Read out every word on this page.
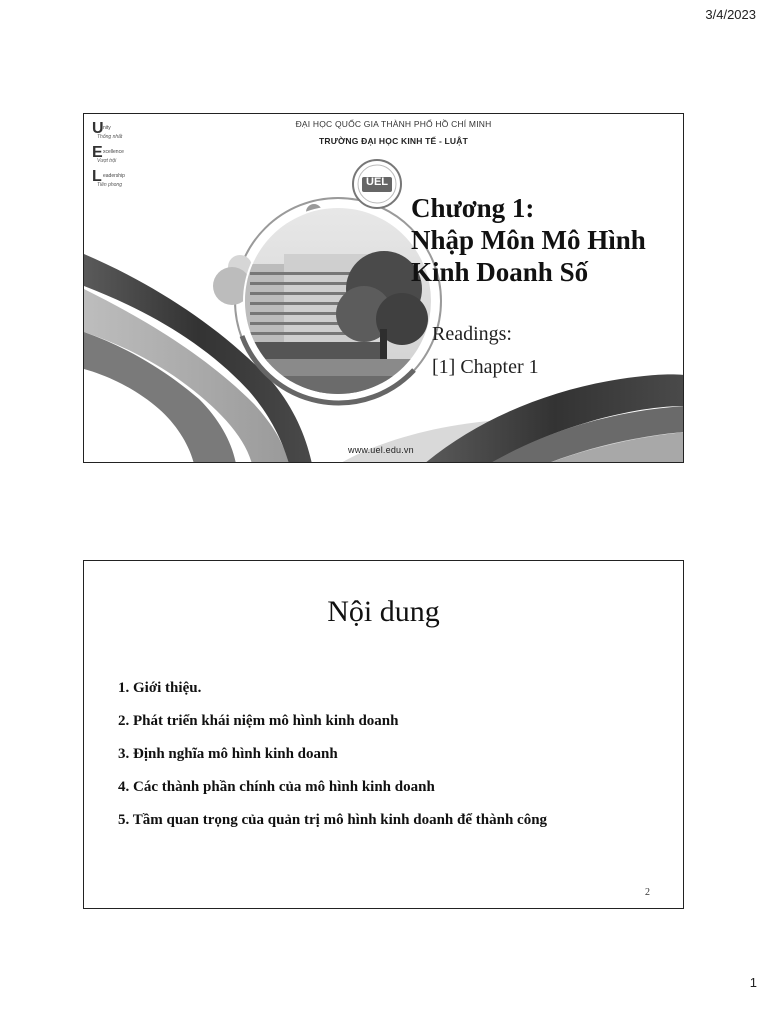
3/4/2023
UEL
U nity
Thống nhất
E xcellence
Vượt trội
L eadership
Tiên phong
ĐẠI HỌC QUỐC GIA THÀNH PHỐ HỒ CHÍ MINH
TRƯỜNG ĐẠI HỌC KINH TẾ - LUẬT
Chương 1:
Nhập Môn Mô Hình
Kinh Doanh Số
Readings:
[1] Chapter 1
www.uel.edu.vn
Nội dung
1. Giới thiệu.
2. Phát triển khái niệm mô hình kinh doanh
3. Định nghĩa mô hình kinh doanh
4. Các thành phần chính của mô hình kinh doanh
5. Tầm quan trọng của quản trị mô hình kinh doanh để thành công
2
1
